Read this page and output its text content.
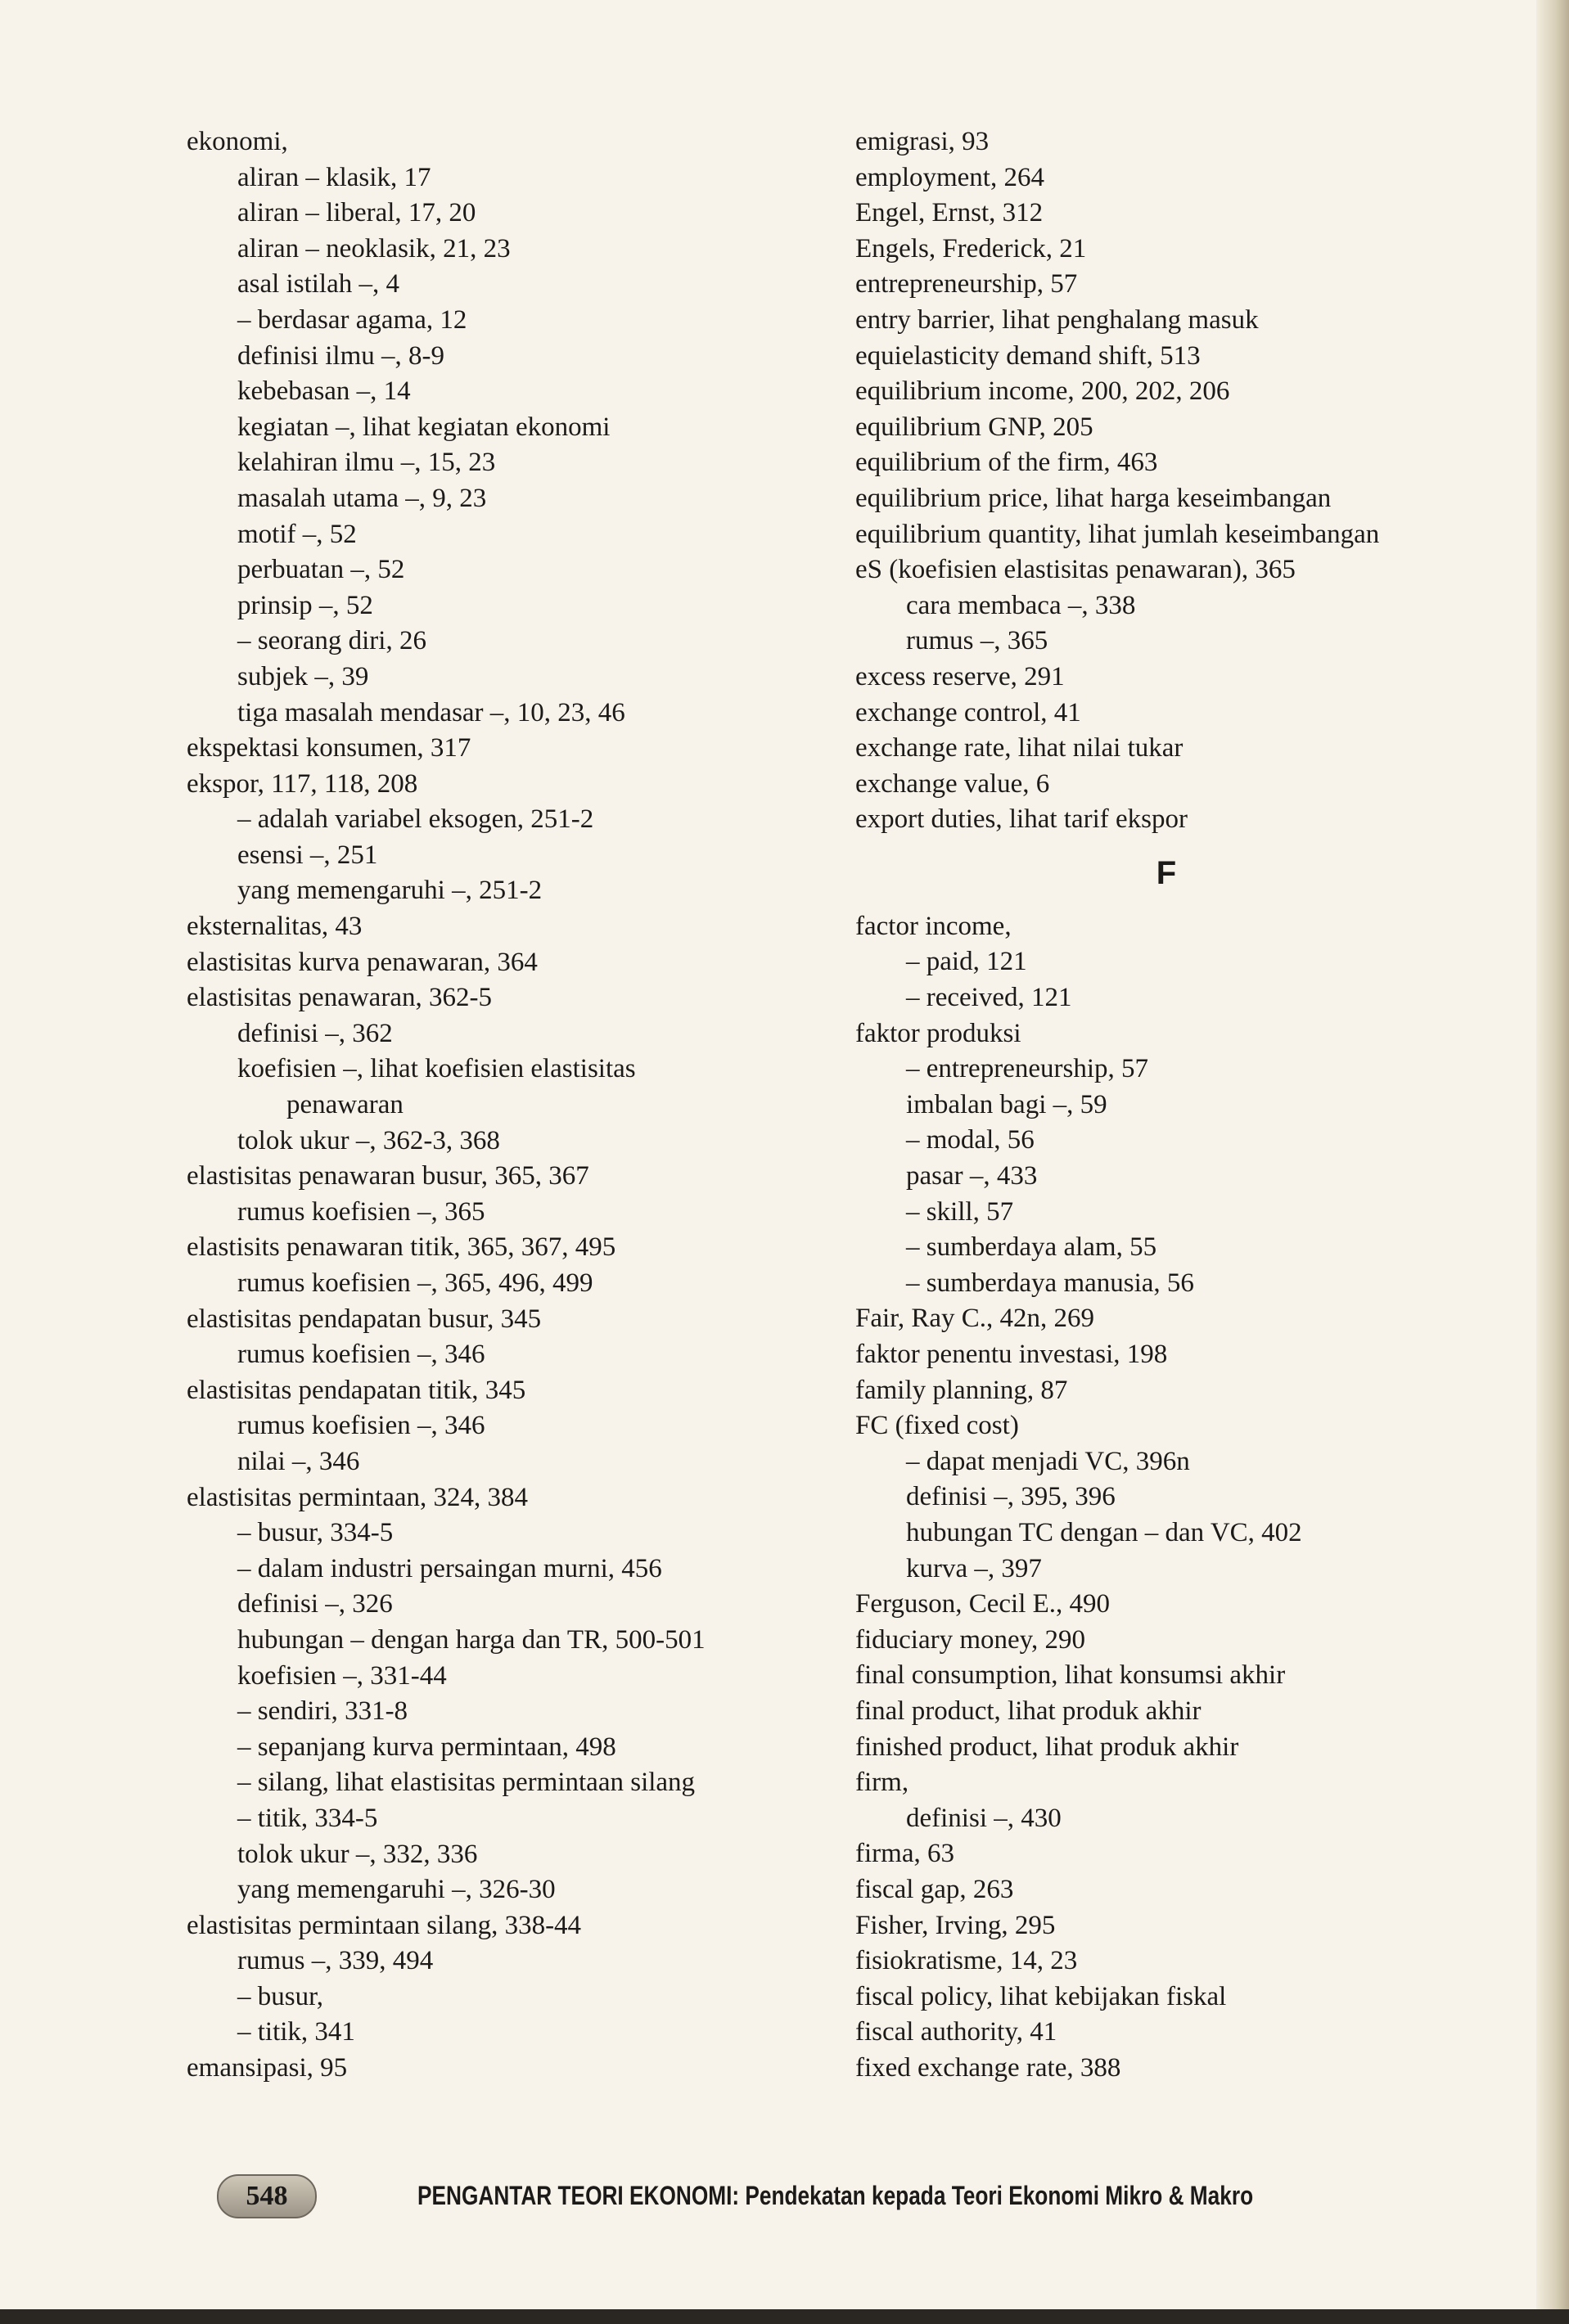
ekonomi,
aliran – klasik, 17
aliran – liberal, 17, 20
aliran – neoklasik, 21, 23
asal istilah –, 4
– berdasar agama, 12
definisi ilmu –, 8-9
kebebasan –, 14
kegiatan –, lihat kegiatan ekonomi
kelahiran ilmu –, 15, 23
masalah utama –, 9, 23
motif –, 52
perbuatan –, 52
prinsip –, 52
– seorang diri, 26
subjek –, 39
tiga masalah mendasar –, 10, 23, 46
ekspektasi konsumen, 317
ekspor, 117, 118, 208
– adalah variabel eksogen, 251-2
esensi –, 251
yang memengaruhi –, 251-2
eksternalitas, 43
elastisitas kurva penawaran, 364
elastisitas penawaran, 362-5
definisi –, 362
koefisien –, lihat koefisien elastisitas
penawaran
tolok ukur –, 362-3, 368
elastisitas penawaran busur, 365, 367
rumus koefisien –, 365
elastisits penawaran titik, 365, 367, 495
rumus koefisien –, 365, 496, 499
elastisitas pendapatan busur, 345
rumus koefisien –, 346
elastisitas pendapatan titik, 345
rumus koefisien –, 346
nilai –, 346
elastisitas permintaan, 324, 384
– busur, 334-5
– dalam industri persaingan murni, 456
definisi –, 326
hubungan – dengan harga dan TR, 500-501
koefisien –, 331-44
– sendiri, 331-8
– sepanjang kurva permintaan, 498
– silang, lihat elastisitas permintaan silang
– titik, 334-5
tolok ukur –, 332, 336
yang memengaruhi –, 326-30
elastisitas permintaan silang, 338-44
rumus –, 339, 494
– busur,
– titik, 341
emansipasi, 95
emigrasi, 93
employment, 264
Engel, Ernst, 312
Engels, Frederick, 21
entrepreneurship, 57
entry barrier, lihat penghalang masuk
equielasticity demand shift, 513
equilibrium income, 200, 202, 206
equilibrium GNP, 205
equilibrium of the firm, 463
equilibrium price, lihat harga keseimbangan
equilibrium quantity, lihat jumlah keseimbangan
eS (koefisien elastisitas penawaran), 365
cara membaca –, 338
rumus –, 365
excess reserve, 291
exchange control, 41
exchange rate, lihat nilai tukar
exchange value, 6
export duties, lihat tarif ekspor
F
factor income,
– paid, 121
– received, 121
faktor produksi
– entrepreneurship, 57
imbalan bagi –, 59
– modal, 56
pasar –, 433
– skill, 57
– sumberdaya alam, 55
– sumberdaya manusia, 56
Fair, Ray C., 42n, 269
faktor penentu investasi, 198
family planning, 87
FC (fixed cost)
– dapat menjadi VC, 396n
definisi –, 395, 396
hubungan TC dengan – dan VC, 402
kurva –, 397
Ferguson, Cecil E., 490
fiduciary money, 290
final consumption, lihat konsumsi akhir
final product, lihat produk akhir
finished product, lihat produk akhir
firm,
definisi –, 430
firma, 63
fiscal gap, 263
Fisher, Irving, 295
fisiokratisme, 14, 23
fiscal policy, lihat kebijakan fiskal
fiscal authority, 41
fixed exchange rate, 388
548	PENGANTAR TEORI EKONOMI: Pendekatan kepada Teori Ekonomi Mikro & Makro
